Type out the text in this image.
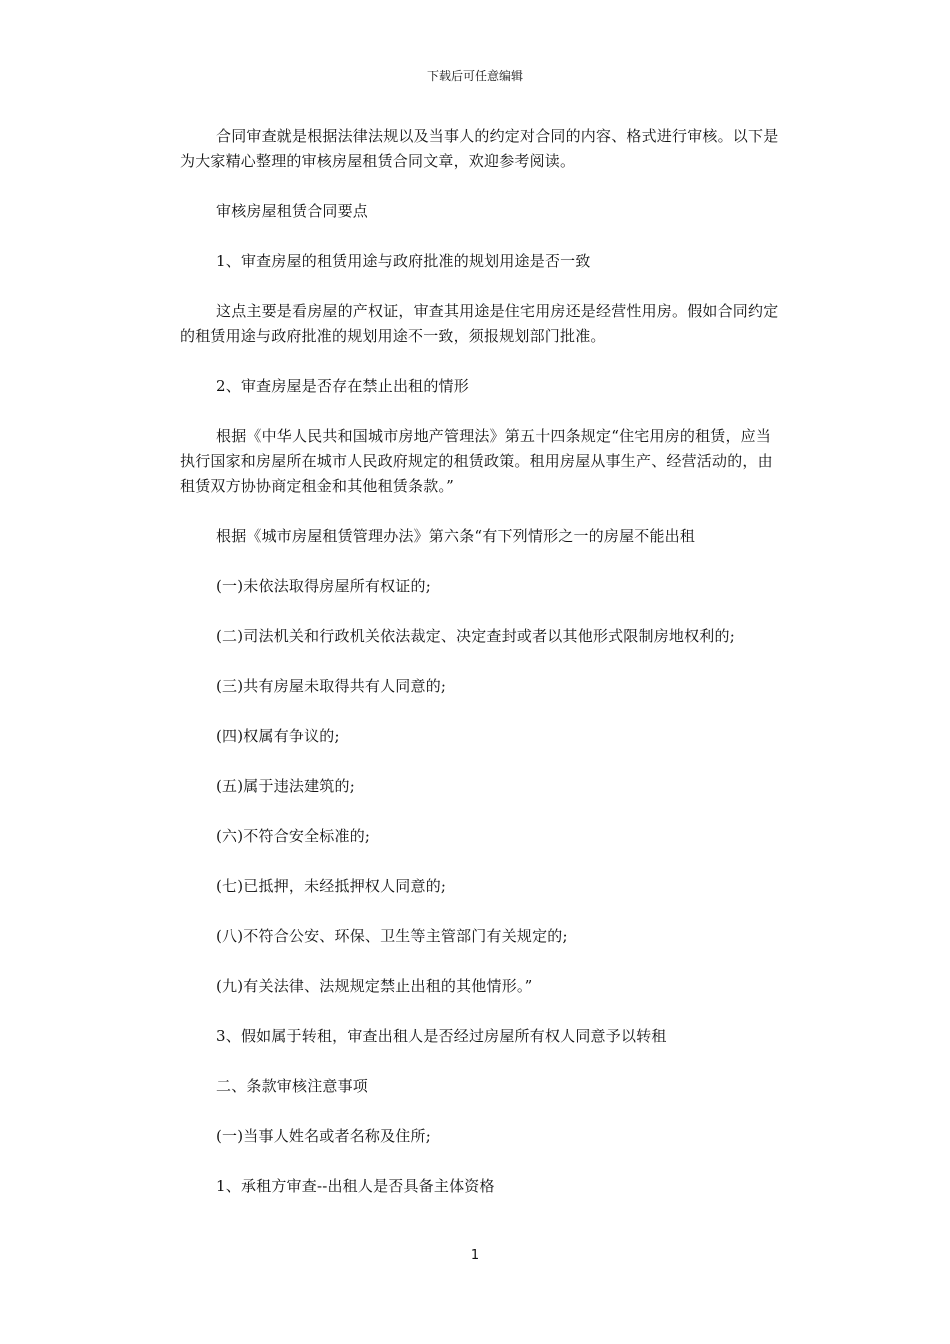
下载后可任意编辑

合同审查就是根据法律法规以及当事人的约定对合同的内容、格式进行审核。以下是为大家精心整理的审核房屋租赁合同文章，欢迎参考阅读。

审核房屋租赁合同要点

1、审查房屋的租赁用途与政府批准的规划用途是否一致

这点主要是看房屋的产权证，审查其用途是住宅用房还是经营性用房。假如合同约定的租赁用途与政府批准的规划用途不一致，须报规划部门批准。

2、审查房屋是否存在禁止出租的情形

根据《中华人民共和国城市房地产管理法》第五十四条规定“住宅用房的租赁，应当执行国家和房屋所在城市人民政府规定的租赁政策。租用房屋从事生产、经营活动的，由租赁双方协协商定租金和其他租赁条款。”

根据《城市房屋租赁管理办法》第六条“有下列情形之一的房屋不能出租

(一)未依法取得房屋所有权证的;

(二)司法机关和行政机关依法裁定、决定查封或者以其他形式限制房地权利的;

(三)共有房屋未取得共有人同意的;

(四)权属有争议的;

(五)属于违法建筑的;

(六)不符合安全标准的;

(七)已抵押，未经抵押权人同意的;

(八)不符合公安、环保、卫生等主管部门有关规定的;

(九)有关法律、法规规定禁止出租的其他情形。”

3、假如属于转租，审查出租人是否经过房屋所有权人同意予以转租

二、条款审核注意事项

(一)当事人姓名或者名称及住所;

1、承租方审查--出租人是否具备主体资格

1
